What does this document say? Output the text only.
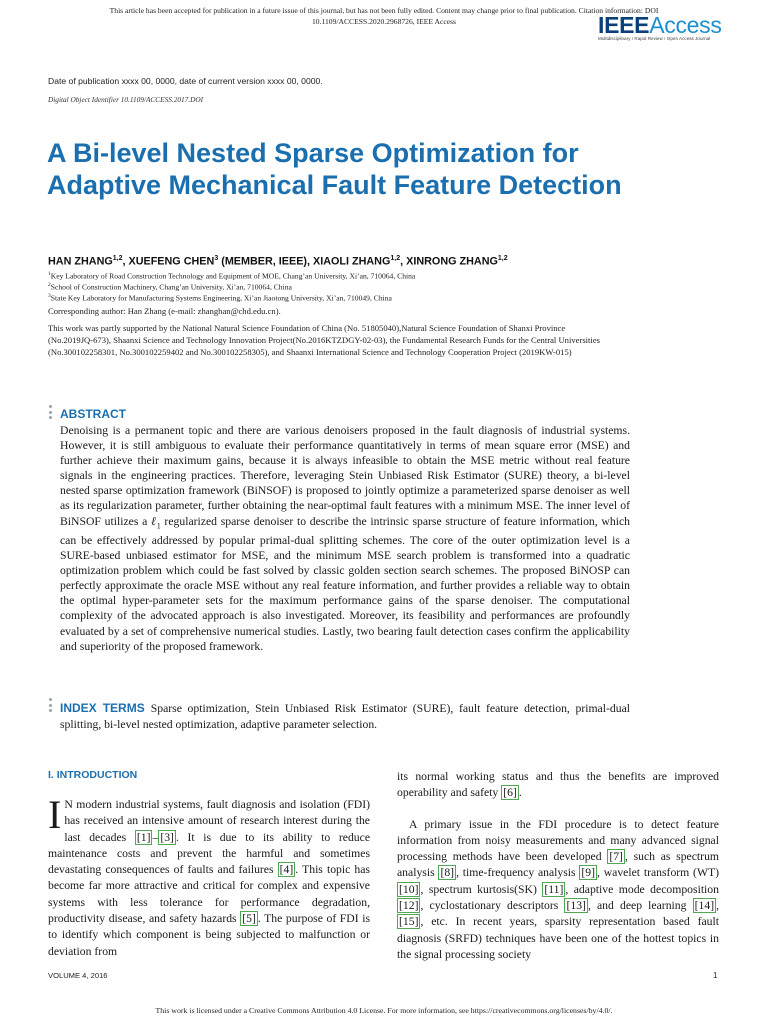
This article has been accepted for publication in a future issue of this journal, but has not been fully edited. Content may change prior to final publication. Citation information: DOI
10.1109/ACCESS.2020.2968726, IEEE Access	IEEEAccess
Multidisciplinary ⁝ Rapid Review ⁝ Open Access Journal
Date of publication xxxx 00, 0000, date of current version xxxx 00, 0000.
Digital Object Identifier 10.1109/ACCESS.2017.DOI
A Bi-level Nested Sparse Optimization for Adaptive Mechanical Fault Feature Detection
HAN ZHANG$^{1,2}$, XUEFENG CHEN$^3$ (MEMBER, IEEE), XIAOLI ZHANG$^{1,2}$, XINRONG ZHANG$^{1,2}$
$^1$Key Laboratory of Road Construction Technology and Equipment of MOE, Chang’an University, Xi’an, 710064, China
$^2$School of Construction Machinery, Chang’an University, Xi’an, 710064, China
$^3$State Key Laboratory for Manufacturing Systems Engineering, Xi’an Jiaotong University, Xi’an, 710049, China
Corresponding author: Han Zhang (e-mail: zhanghan@chd.edu.cn).
This work was partly supported by the National Natural Science Foundation of China (No. 51805040),Natural Science Foundation of Shanxi Province (No.2019JQ-673), Shaanxi Science and Technology Innovation Project(No.2016KTZDGY-02-03), the Fundamental Research Funds for the Central Universities (No.300102258301, No.300102259402 and No.300102258305), and Shaanxi International Science and Technology Cooperation Project (2019KW-015)
ABSTRACT
Denoising is a permanent topic and there are various denoisers proposed in the fault diagnosis of industrial systems. However, it is still ambiguous to evaluate their performance quantitatively in terms of mean square error (MSE) and further achieve their maximum gains, because it is always infeasible to obtain the MSE metric without real feature signals in the engineering practices. Therefore, leveraging Stein Unbiased Risk Estimator (SURE) theory, a bi-level nested sparse optimization framework (BiNSOF) is proposed to jointly optimize a parameterized sparse denoiser as well as its regularization parameter, further obtaining the near-optimal fault features with a minimum MSE. The inner level of BiNSOF utilizes a ℓ$_1$ regularized sparse denoiser to describe the intrinsic sparse structure of feature information, which can be effectively addressed by popular primal-dual splitting schemes. The core of the outer optimization level is a SURE-based unbiased estimator for MSE, and the minimum MSE search problem is transformed into a quadratic optimization problem which could be fast solved by classic golden section search schemes. The proposed BiNOSP can perfectly approximate the oracle MSE without any real feature information, and further provides a reliable way to obtain the optimal hyper-parameter sets for the maximum performance gains of the sparse denoiser. The computational complexity of the advocated approach is also investigated. Moreover, its feasibility and performances are profoundly evaluated by a set of comprehensive numerical studies. Lastly, two bearing fault detection cases confirm the applicability and superiority of the proposed framework.
INDEX TERMS Sparse optimization, Stein Unbiased Risk Estimator (SURE), fault feature detection, primal-dual splitting, bi-level nested optimization, adaptive parameter selection.
I. INTRODUCTION

I N modern industrial systems, fault diagnosis and isolation (FDI) has received an intensive amount of research interest during the last decades [1] – [3] . It is due to its ability to reduce maintenance costs and prevent the harmful and sometimes devastating consequences of faults and failures [4] . This topic has become far more attractive and critical for complex and expensive systems with less tolerance for performance degradation, productivity disease, and safety hazards [5] . The purpose of FDI is to identify which component is being subjected to malfunction or deviation from

its normal working status and thus the benefits are improved operability and safety [6] .

A primary issue in the FDI procedure is to detect feature information from noisy measurements and many advanced signal processing methods have been developed [7] , such as spectrum analysis [8] , time-frequency analysis [9] , wavelet transform (WT) [10] , spectrum kurtosis(SK) [11] , adaptive mode decomposition [12] , cyclostationary descriptors [13] , and deep learning [14] , [15] , etc. In recent years, sparsity representation based fault diagnosis (SRFD) techniques have been one of the hottest topics in the signal processing society

VOLUME 4, 2016	1
This work is licensed under a Creative Commons Attribution 4.0 License. For more information, see https://creativecommons.org/licenses/by/4.0/.
